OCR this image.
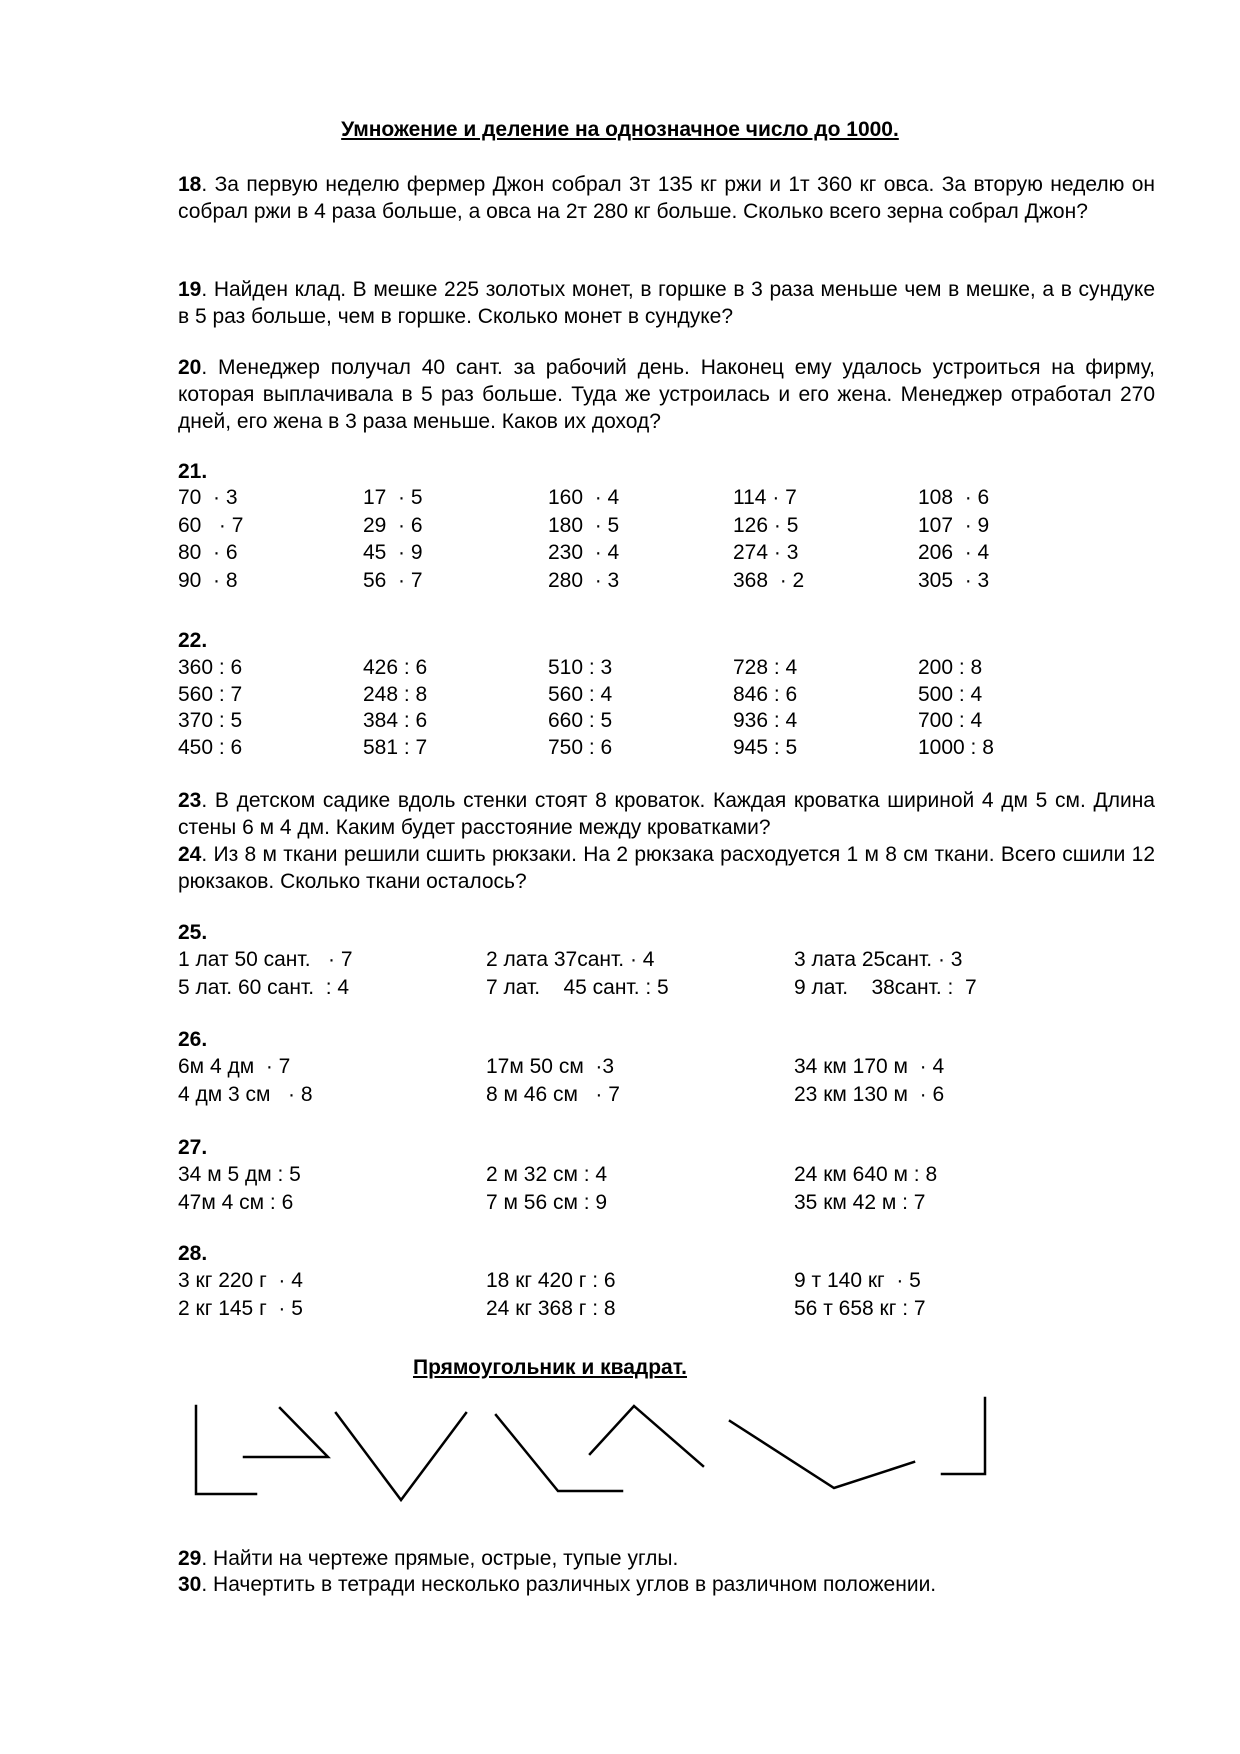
Умножение и деление на однозначное число до 1000.
18. За первую неделю фермер Джон собрал 3т 135 кг ржи и 1т 360 кг овса. За вторую неделю он собрал ржи в 4 раза больше, а овса на 2т 280 кг больше. Сколько всего зерна собрал Джон?
19. Найден клад. В мешке 225 золотых монет, в горшке в 3 раза меньше чем в мешке, а в сундуке в 5 раз больше, чем в горшке. Сколько монет в сундуке?
20. Менеджер получал 40 сант. за рабочий день. Наконец ему удалось устроиться на фирму, которая выплачивала в 5 раз больше. Туда же устроилась и его жена. Менеджер отработал 270 дней, его жена в 3 раза меньше. Каков их доход?
21.
70  · 3	17  · 5	160  · 4	114 · 7	108  · 6
60   · 7	29  · 6	180  · 5	126 · 5	107  · 9
80  · 6	45  · 9	230  · 4	274 · 3	206  · 4
90  · 8	56  · 7	280  · 3	368  · 2	305  · 3
22.
360 : 6	426 : 6	510 : 3	728 : 4	200 : 8
560 : 7	248 : 8	560 : 4	846 : 6	500 : 4
370 : 5	384 : 6	660 : 5	936 : 4	700 : 4
450 : 6	581 : 7	750 : 6	945 : 5	1000 : 8
23. В детском садике вдоль стенки стоят 8 кроваток. Каждая кроватка шириной 4 дм 5 см. Длина стены 6 м 4 дм. Каким будет расстояние между кроватками?
24. Из 8 м ткани решили сшить рюкзаки. На 2 рюкзака расходуется 1 м 8 см ткани. Всего сшили 12 рюкзаков. Сколько ткани осталось?
25.
1 лат 50 сант.   · 7	2 лата 37сант. · 4	3 лата 25сант. · 3
5 лат. 60 сант.  : 4	7 лат.    45 сант. : 5	9 лат.    38сант. :  7
26.
6м 4 дм  · 7	17м 50 см  ·3	34 км 170 м  · 4
4 дм 3 см   · 8	8 м 46 см   · 7	23 км 130 м  · 6
27.
34 м 5 дм : 5	2 м 32 см : 4	24 км 640 м : 8
47м 4 см : 6	7 м 56 см : 9	35 км 42 м : 7
28.
3 кг 220 г  · 4	18 кг 420 г : 6	9 т 140 кг  · 5
2 кг 145 г  · 5	24 кг 368 г : 8	56 т 658 кг : 7
Прямоугольник и квадрат.
29. Найти на чертеже прямые, острые, тупые углы.
30. Начертить в тетради несколько различных углов в различном положении.
